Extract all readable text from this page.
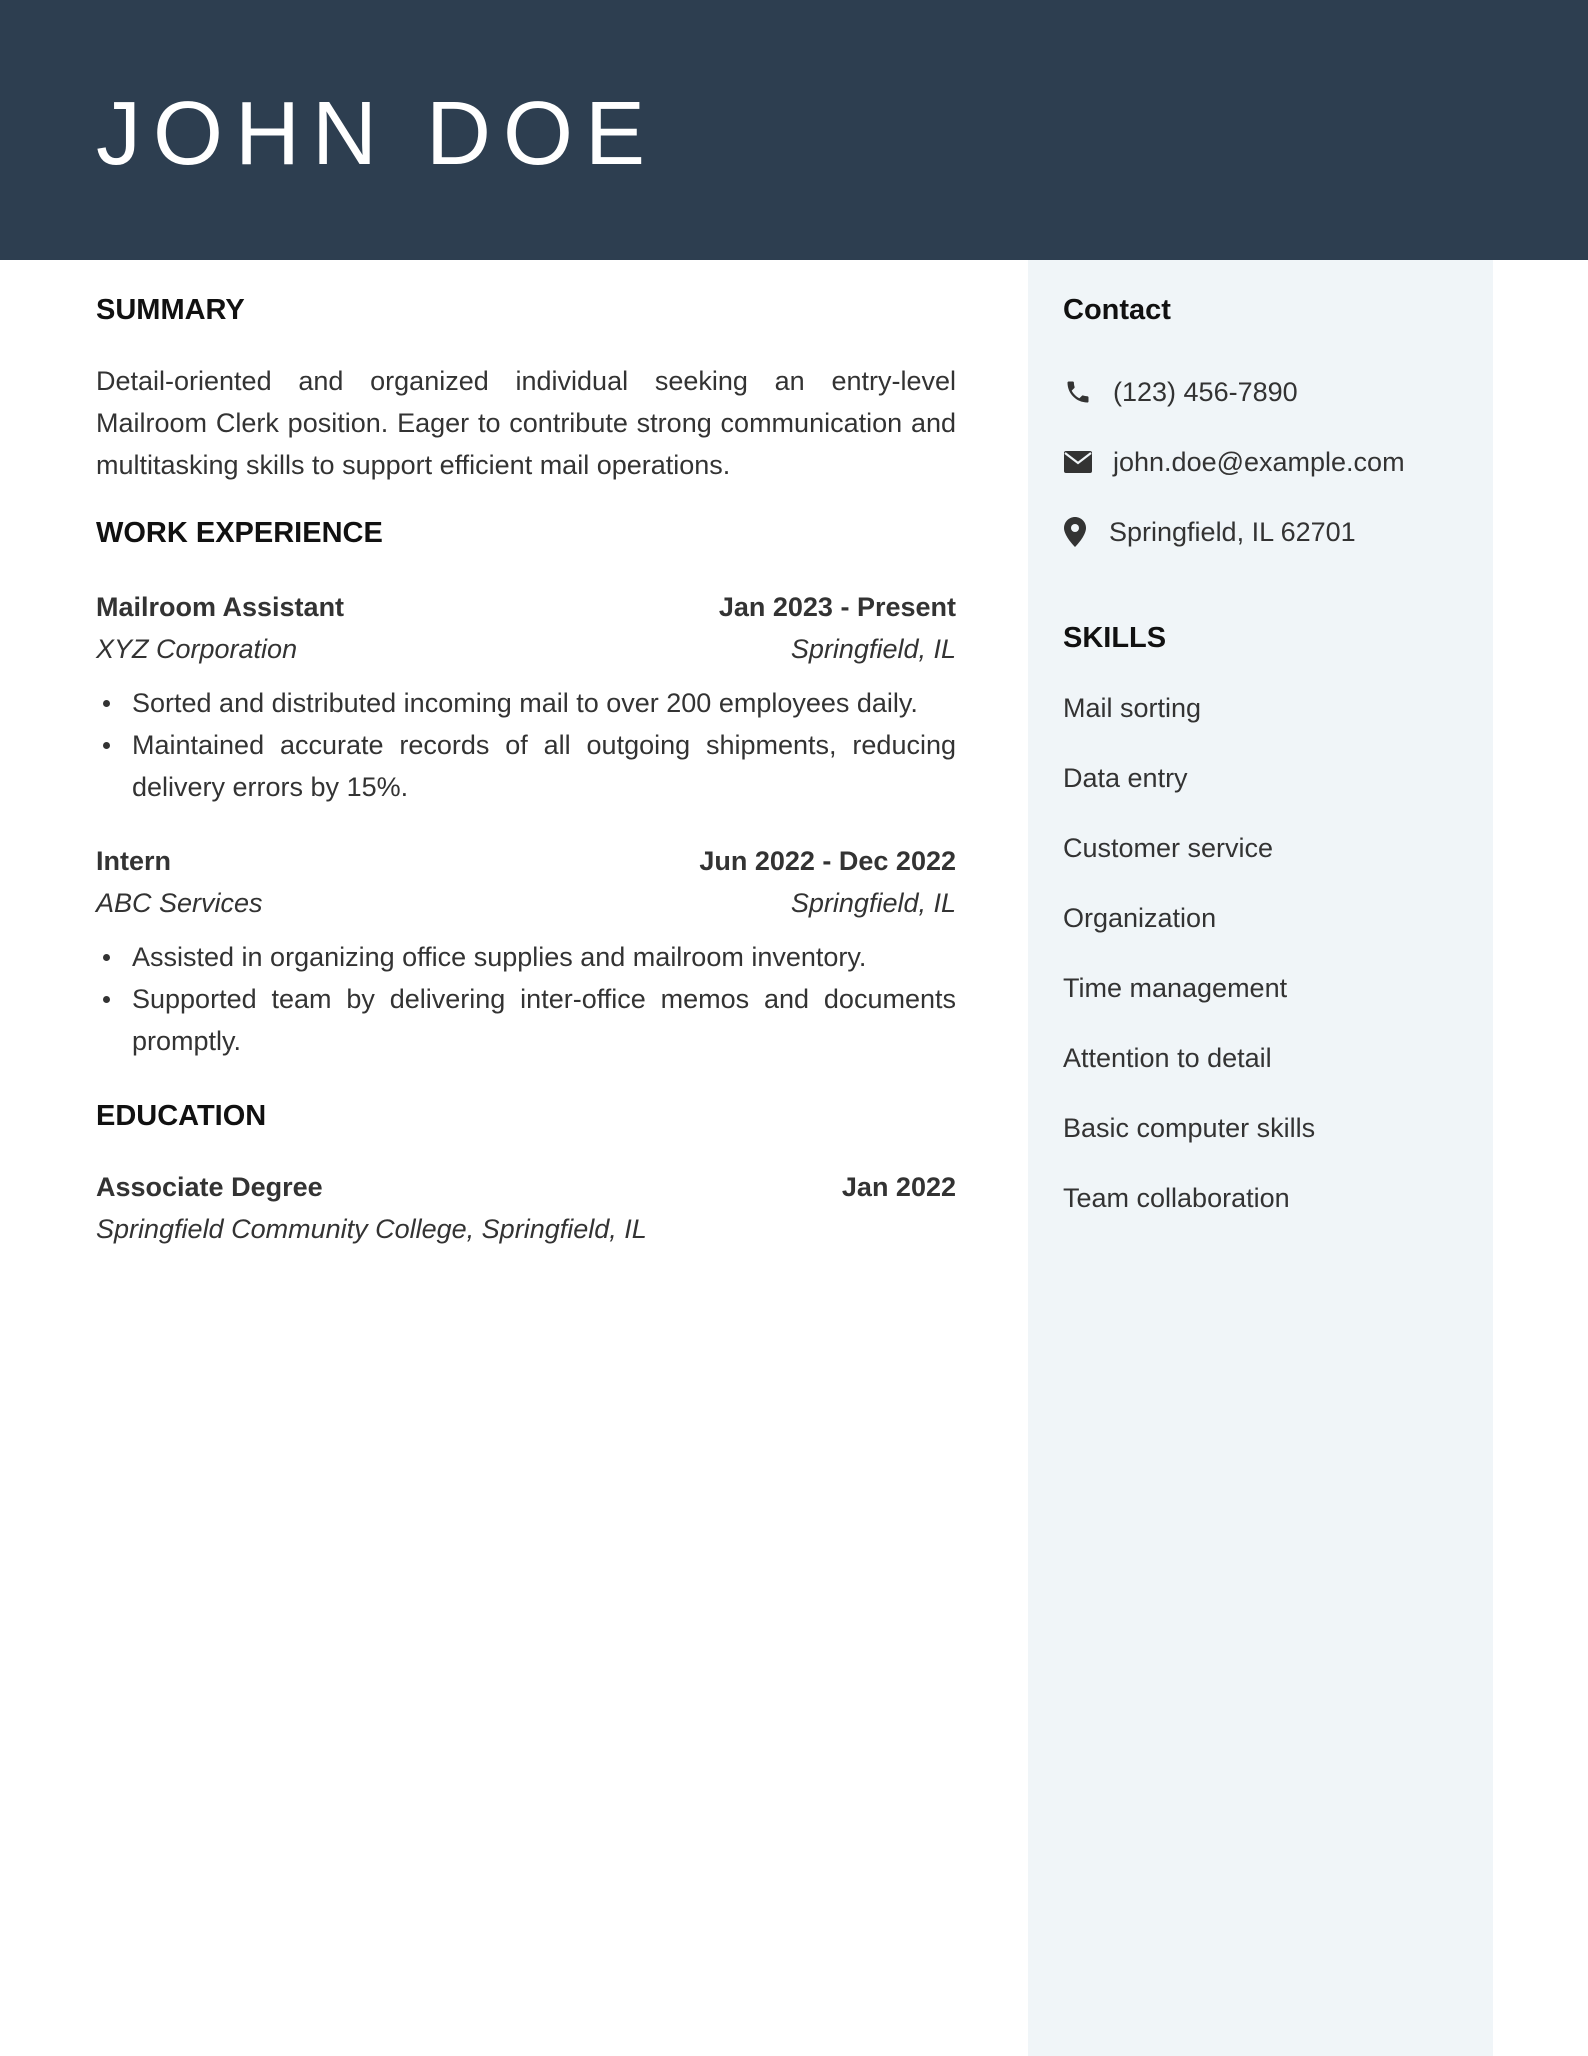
JOHN DOE
SUMMARY

Detail-oriented and organized individual seeking an entry-level Mailroom Clerk position. Eager to contribute strong communication and multitasking skills to support efficient mail operations.

WORK EXPERIENCE
Mailroom Assistant	Jan 2023 - Present
XYZ Corporation	Springfield, IL
Sorted and distributed incoming mail to over 200 employees daily.
Maintained accurate records of all outgoing shipments, reducing delivery errors by 15%.
Intern	Jun 2022 - Dec 2022
ABC Services	Springfield, IL
Assisted in organizing office supplies and mailroom inventory.
Supported team by delivering inter-office memos and documents promptly.
EDUCATION
Associate Degree	Jan 2022
Springfield Community College, Springfield, IL
Contact
(123) 456-7890
john.doe@example.com
Springfield, IL 62701
SKILLS
Mail sorting
Data entry
Customer service
Organization
Time management
Attention to detail
Basic computer skills
Team collaboration
